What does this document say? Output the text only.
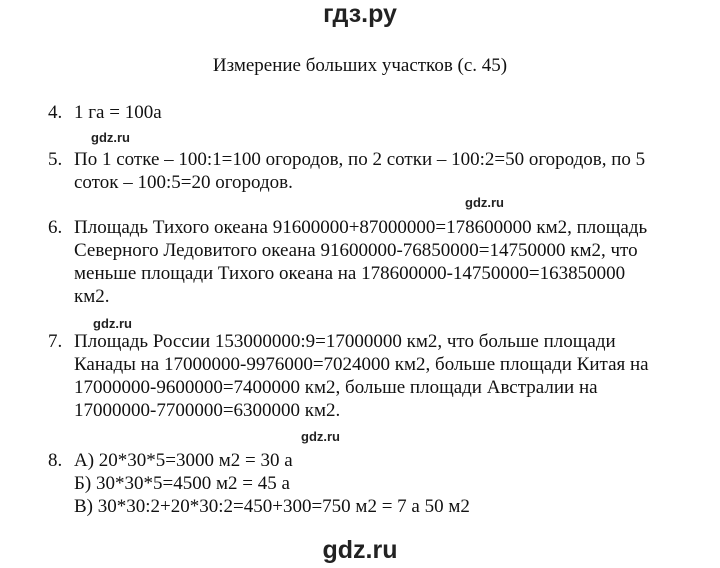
гдз.ру
Измерение больших участков (с. 45)
4. 1 га = 100а
gdz.ru
5. По 1 сотке – 100:1=100 огородов, по 2 сотки – 100:2=50 огородов, по 5
соток – 100:5=20 огородов.
gdz.ru
6. Площадь Тихого океана 91600000+87000000=178600000 км2, площадь
Северного Ледовитого океана 91600000-76850000=14750000 км2, что
меньше площади Тихого океана на 178600000-14750000=163850000
км2.
gdz.ru
7. Площадь России 153000000:9=17000000 км2, что больше площади
Канады на 17000000-9976000=7024000 км2, больше площади Китая на
17000000-9600000=7400000 км2, больше площади Австралии на
17000000-7700000=6300000 км2.
gdz.ru
8. А) 20*30*5=3000 м2 = 30 а
Б) 30*30*5=4500 м2 = 45 а
В) 30*30:2+20*30:2=450+300=750 м2 = 7 а 50 м2
gdz.ru
